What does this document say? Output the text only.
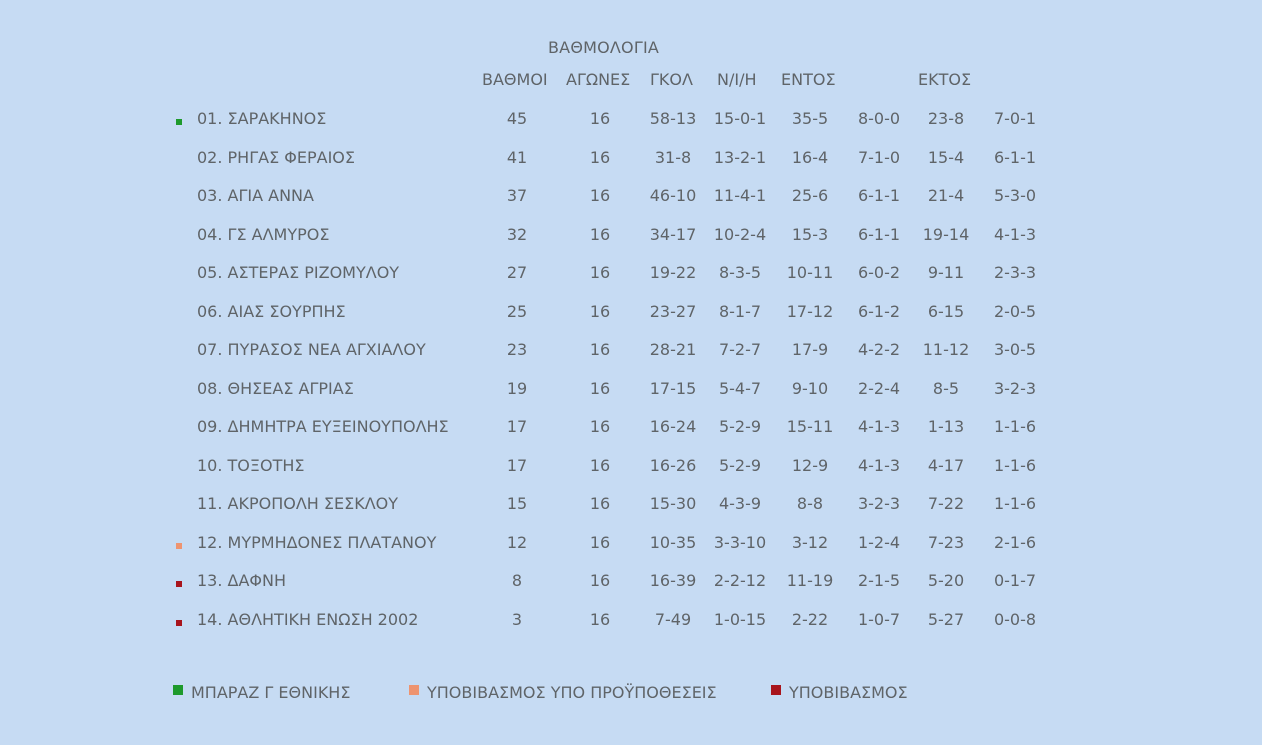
ΒΑΘΜΟΛΟΓΙΑ
ΒΑΘΜΟΙ ΑΓΩΝΕΣ ΓΚΟΛ Ν/Ι/Η ΕΝΤΟΣ	ΕΚΤΟΣ
01. ΣΑΡΑΚΗΝΟΣ	45	16 58-13 15-0-1 35-5 8-0-0 23-8 7-0-1
02. ΡΗΓΑΣ ΦΕΡΑΙΟΣ	41	16	31-8 13-2-1 16-4 7-1-0 15-4 6-1-1
03. ΑΓΙΑ ΑΝΝΑ	37	16 46-10 11-4-1 25-6 6-1-1 21-4 5-3-0
04. ΓΣ ΑΛΜΥΡΟΣ	32	16 34-17 10-2-4 15-3 6-1-1 19-14 4-1-3
05. ΑΣΤΕΡΑΣ ΡΙΖΟΜΥΛΟΥ	27	16 19-22 8-3-5 10-11 6-0-2 9-11 2-3-3
06. ΑΙΑΣ ΣΟΥΡΠΗΣ	25	16 23-27 8-1-7 17-12 6-1-2 6-15 2-0-5
07. ΠΥΡΑΣΟΣ ΝΕΑ ΑΓΧΙΑΛΟΥ	23	16 28-21 7-2-7 17-9 4-2-2 11-12 3-0-5
08. ΘΗΣΕΑΣ ΑΓΡΙΑΣ	19	16 17-15 5-4-7 9-10 2-2-4 8-5 3-2-3
09. ΔΗΜΗΤΡΑ ΕΥΞΕΙΝΟΥΠΟΛΗΣ	17	16 16-24 5-2-9 15-11 4-1-3 1-13 1-1-6
10. ΤΟΞΟΤΗΣ	17	16 16-26 5-2-9 12-9 4-1-3 4-17 1-1-6
11. ΑΚΡΟΠΟΛΗ ΣΕΣΚΛΟΥ	15	16 15-30 4-3-9 8-8 3-2-3 7-22 1-1-6
12. ΜΥΡΜΗΔΟΝΕΣ ΠΛΑΤΑΝΟΥ	12	16 10-35 3-3-10 3-12 1-2-4 7-23 2-1-6
13. ΔΑΦΝΗ	8	16 16-39 2-2-12 11-19 2-1-5 5-20 0-1-7
14. ΑΘΛΗΤΙΚΗ ΕΝΩΣΗ 2002	3	16	7-49 1-0-15 2-22 1-0-7 5-27 0-0-8
ΜΠΑΡΑΖ Γ ΕΘΝΙΚΗΣ	ΥΠΟΒΙΒΑΣΜΟΣ ΥΠΟ ΠΡΟΫΠΟΘΕΣΕΙΣ	ΥΠΟΒΙΒΑΣΜΟΣ
